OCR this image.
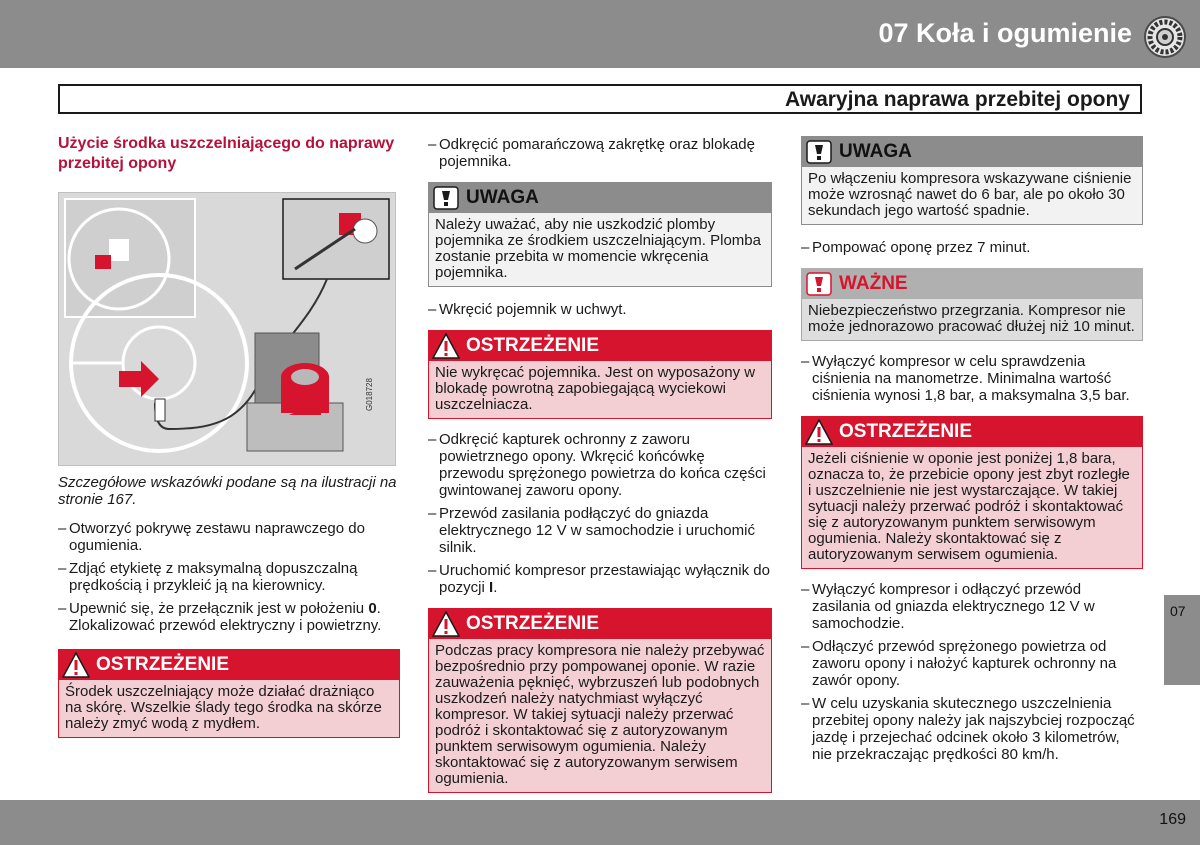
07 Koła i ogumienie
Awaryjna naprawa przebitej opony
Użycie środka uszczelniającego do naprawy przebitej opony
G018728
Szczegółowe wskazówki podane są na ilustracji na stronie 167.
– Otworzyć pokrywę zestawu naprawczego do ogumienia.
– Zdjąć etykietę z maksymalną dopuszczalną prędkością i przykleić ją na kierownicy.
– Upewnić się, że przełącznik jest w położeniu 0. Zlokalizować przewód elektryczny i powietrzny.
OSTRZEŻENIE
Środek uszczelniający może działać drażniąco na skórę. Wszelkie ślady tego środka na skórze należy zmyć wodą z mydłem.
– Odkręcić pomarańczową zakrętkę oraz blokadę pojemnika.
UWAGA
Należy uważać, aby nie uszkodzić plomby pojemnika ze środkiem uszczelniającym. Plomba zostanie przebita w momencie wkręcenia pojemnika.
– Wkręcić pojemnik w uchwyt.
OSTRZEŻENIE
Nie wykręcać pojemnika. Jest on wyposażony w blokadę powrotną zapobiegającą wyciekowi uszczelniacza.
– Odkręcić kapturek ochronny z zaworu powietrznego opony. Wkręcić końcówkę przewodu sprężonego powietrza do końca części gwintowanej zaworu opony.
– Przewód zasilania podłączyć do gniazda elektrycznego 12 V w samochodzie i uruchomić silnik.
– Uruchomić kompresor przestawiając wyłącznik do pozycji I.
OSTRZEŻENIE
Podczas pracy kompresora nie należy przebywać bezpośrednio przy pompowanej oponie. W razie zauważenia pęknięć, wybrzuszeń lub podobnych uszkodzeń należy natychmiast wyłączyć kompresor. W takiej sytuacji należy przerwać podróż i skontaktować się z autoryzowanym punktem serwisowym ogumienia. Należy skontaktować się z autoryzowanym serwisem ogumienia.
UWAGA
Po włączeniu kompresora wskazywane ciśnienie może wzrosnąć nawet do 6 bar, ale po około 30 sekundach jego wartość spadnie.
– Pompować oponę przez 7 minut.
WAŻNE
Niebezpieczeństwo przegrzania. Kompresor nie może jednorazowo pracować dłużej niż 10 minut.
– Wyłączyć kompresor w celu sprawdzenia ciśnienia na manometrze. Minimalna wartość ciśnienia wynosi 1,8 bar, a maksymalna 3,5 bar.
OSTRZEŻENIE
Jeżeli ciśnienie w oponie jest poniżej 1,8 bara, oznacza to, że przebicie opony jest zbyt rozległe i uszczelnienie nie jest wystarczające. W takiej sytuacji należy przerwać podróż i skontaktować się z autoryzowanym punktem serwisowym ogumienia. Należy skontaktować się z autoryzowanym serwisem ogumienia.
– Wyłączyć kompresor i odłączyć przewód zasilania od gniazda elektrycznego 12 V w samochodzie.
– Odłączyć przewód sprężonego powietrza od zaworu opony i nałożyć kapturek ochronny na zawór opony.
– W celu uzyskania skutecznego uszczelnienia przebitej opony należy jak najszybciej rozpocząć jazdę i przejechać odcinek około 3 kilometrów, nie przekraczając prędkości 80 km/h.
07
169
